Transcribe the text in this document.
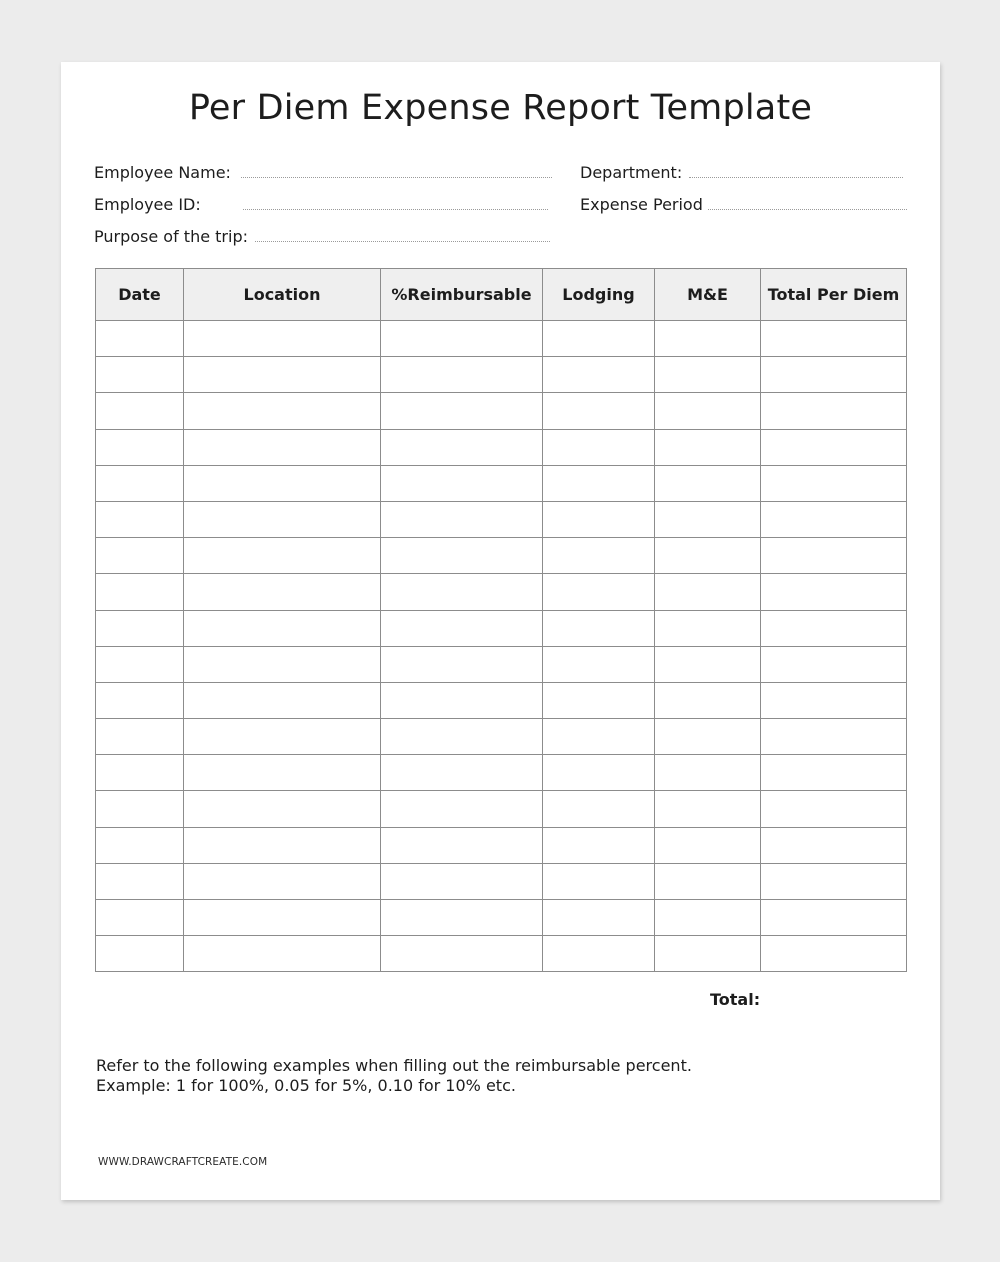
Per Diem Expense Report Template
Employee Name:
Employee ID:
Purpose of the trip:
Department:
Expense Period
Date	Location	%Reimbursable	Lodging	M&E	Total Per Diem

Total:
Refer to the following examples when filling out the reimbursable percent.
Example: 1 for 100%, 0.05 for 5%, 0.10 for 10% etc.
WWW.DRAWCRAFTCREATE.COM
